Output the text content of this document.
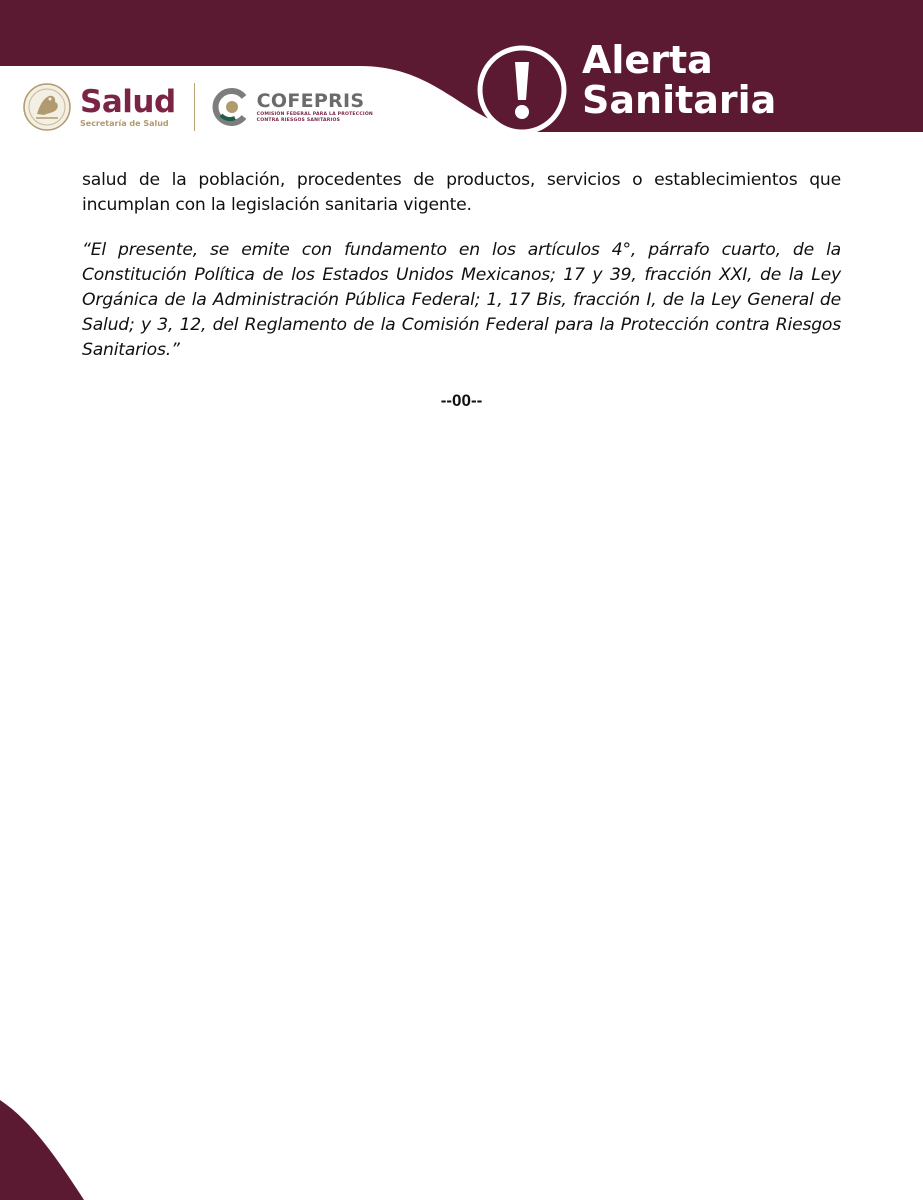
Salud
Secretaría de Salud
COFEPRIS
COMISIÓN FEDERAL PARA LA PROTECCIÓN
CONTRA RIESGOS SANITARIOS
Alerta
Sanitaria

salud de la población, procedentes de productos, servicios o establecimientos que incumplan con la legislación sanitaria vigente.

“El presente, se emite con fundamento en los artículos 4°, párrafo cuarto, de la Constitución Política de los Estados Unidos Mexicanos; 17 y 39, fracción XXI, de la Ley Orgánica de la Administración Pública Federal; 1, 17 Bis, fracción I, de la Ley General de Salud; y 3, 12, del Reglamento de la Comisión Federal para la Protección contra Riesgos Sanitarios.”

--00--
